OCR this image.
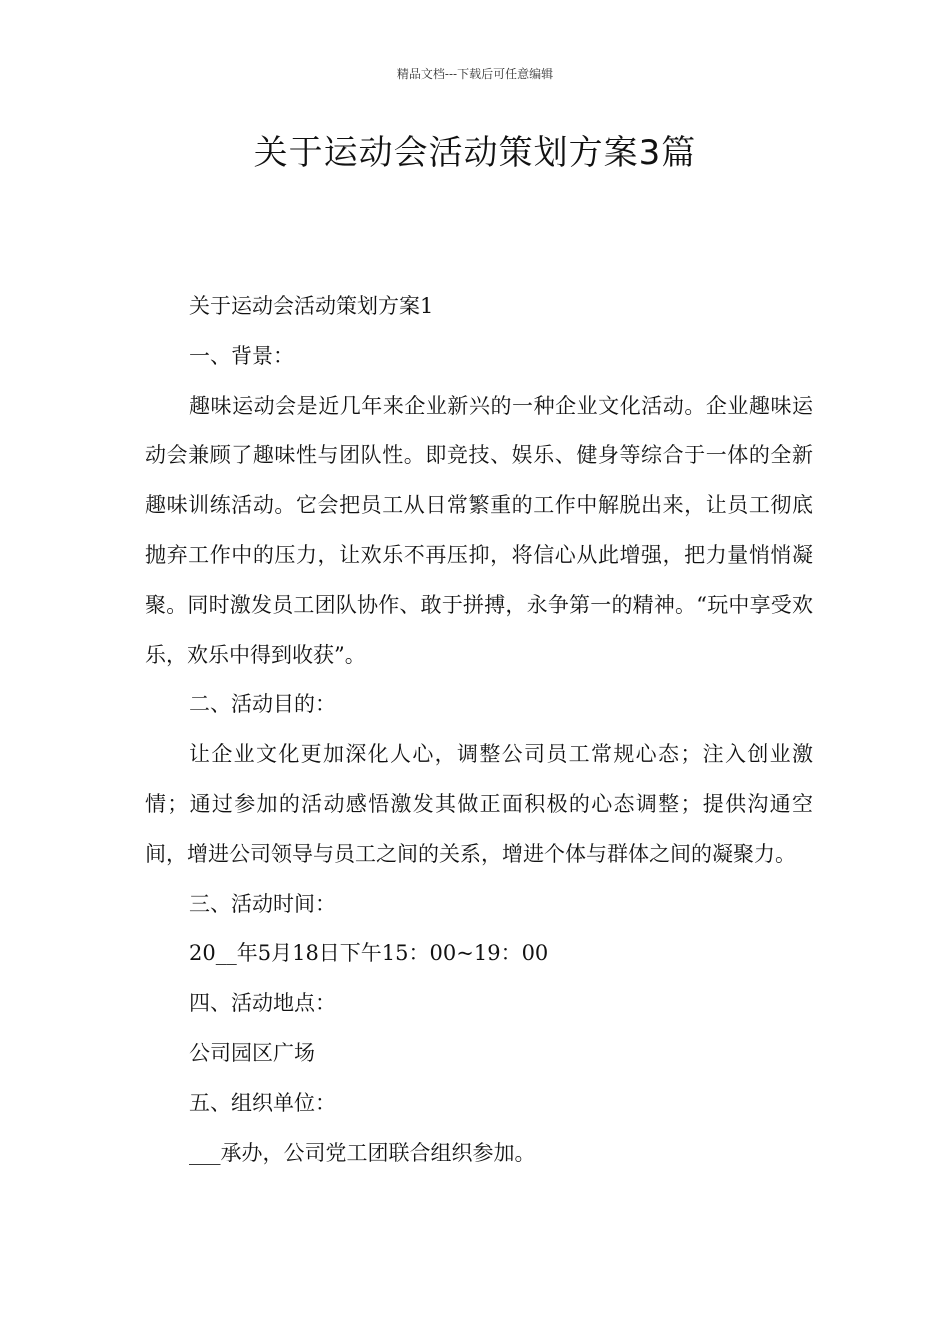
精品文档---下载后可任意编辑
关于运动会活动策划方案3篇

关于运动会活动策划方案1

一、背景：

趣味运动会是近几年来企业新兴的一种企业文化活动。企业趣味运动会兼顾了趣味性与团队性。即竞技、娱乐、健身等综合于一体的全新趣味训练活动。它会把员工从日常繁重的工作中解脱出来，让员工彻底抛弃工作中的压力，让欢乐不再压抑，将信心从此增强，把力量悄悄凝聚。同时激发员工团队协作、敢于拼搏，永争第一的精神。“玩中享受欢乐，欢乐中得到收获”。

二、活动目的：

让企业文化更加深化人心，调整公司员工常规心态；注入创业激情；通过参加的活动感悟激发其做正面积极的心态调整；提供沟通空间，增进公司领导与员工之间的关系，增进个体与群体之间的凝聚力。

三、活动时间：

20__年5月18日下午15：00~19：00

四、活动地点：

公司园区广场

五、组织单位：

___承办，公司党工团联合组织参加。
